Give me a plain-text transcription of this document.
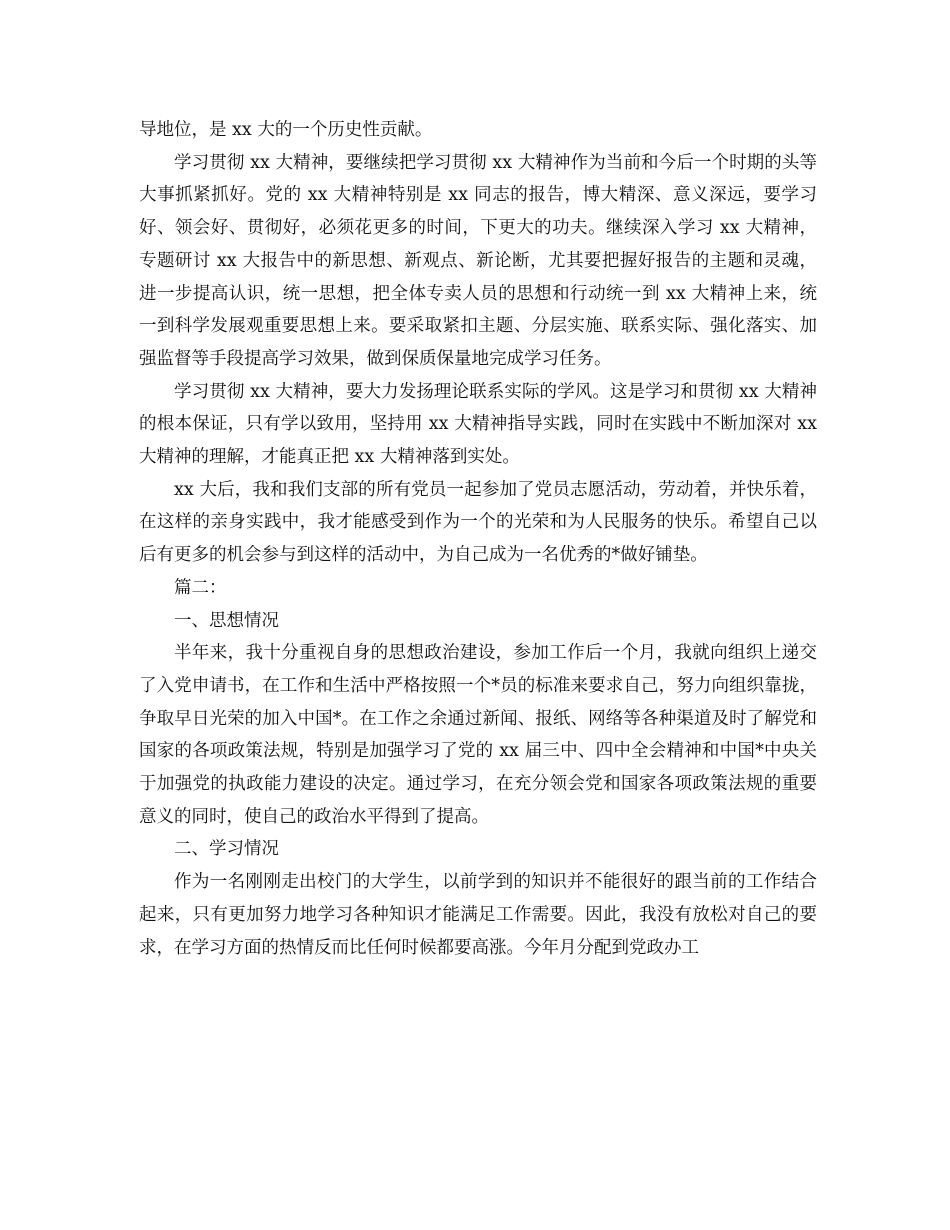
导地位，是 xx 大的一个历史性贡献。

学习贯彻 xx 大精神，要继续把学习贯彻 xx 大精神作为当前和今后一个时期的头等大事抓紧抓好。党的 xx 大精神特别是 xx 同志的报告，博大精深、意义深远，要学习好、领会好、贯彻好，必须花更多的时间，下更大的功夫。继续深入学习 xx 大精神，专题研讨 xx 大报告中的新思想、新观点、新论断，尤其要把握好报告的主题和灵魂，进一步提高认识，统一思想，把全体专卖人员的思想和行动统一到 xx 大精神上来，统一到科学发展观重要思想上来。要采取紧扣主题、分层实施、联系实际、强化落实、加强监督等手段提高学习效果，做到保质保量地完成学习任务。

学习贯彻 xx 大精神，要大力发扬理论联系实际的学风。这是学习和贯彻 xx 大精神的根本保证，只有学以致用，坚持用 xx 大精神指导实践，同时在实践中不断加深对 xx 大精神的理解，才能真正把 xx 大精神落到实处。

xx 大后，我和我们支部的所有党员一起参加了党员志愿活动，劳动着，并快乐着，在这样的亲身实践中，我才能感受到作为一个的光荣和为人民服务的快乐。希望自己以后有更多的机会参与到这样的活动中，为自己成为一名优秀的*做好铺垫。

篇二：

一、思想情况

半年来，我十分重视自身的思想政治建设，参加工作后一个月，我就向组织上递交了入党申请书，在工作和生活中严格按照一个*员的标准来要求自己，努力向组织靠拢，争取早日光荣的加入中国*。在工作之余通过新闻、报纸、网络等各种渠道及时了解党和国家的各项政策法规，特别是加强学习了党的 xx 届三中、四中全会精神和中国*中央关于加强党的执政能力建设的决定。通过学习，在充分领会党和国家各项政策法规的重要意义的同时，使自己的政治水平得到了提高。

二、学习情况

作为一名刚刚走出校门的大学生，以前学到的知识并不能很好的跟当前的工作结合起来，只有更加努力地学习各种知识才能满足工作需要。因此，我没有放松对自己的要求，在学习方面的热情反而比任何时候都要高涨。今年月分配到党政办工
